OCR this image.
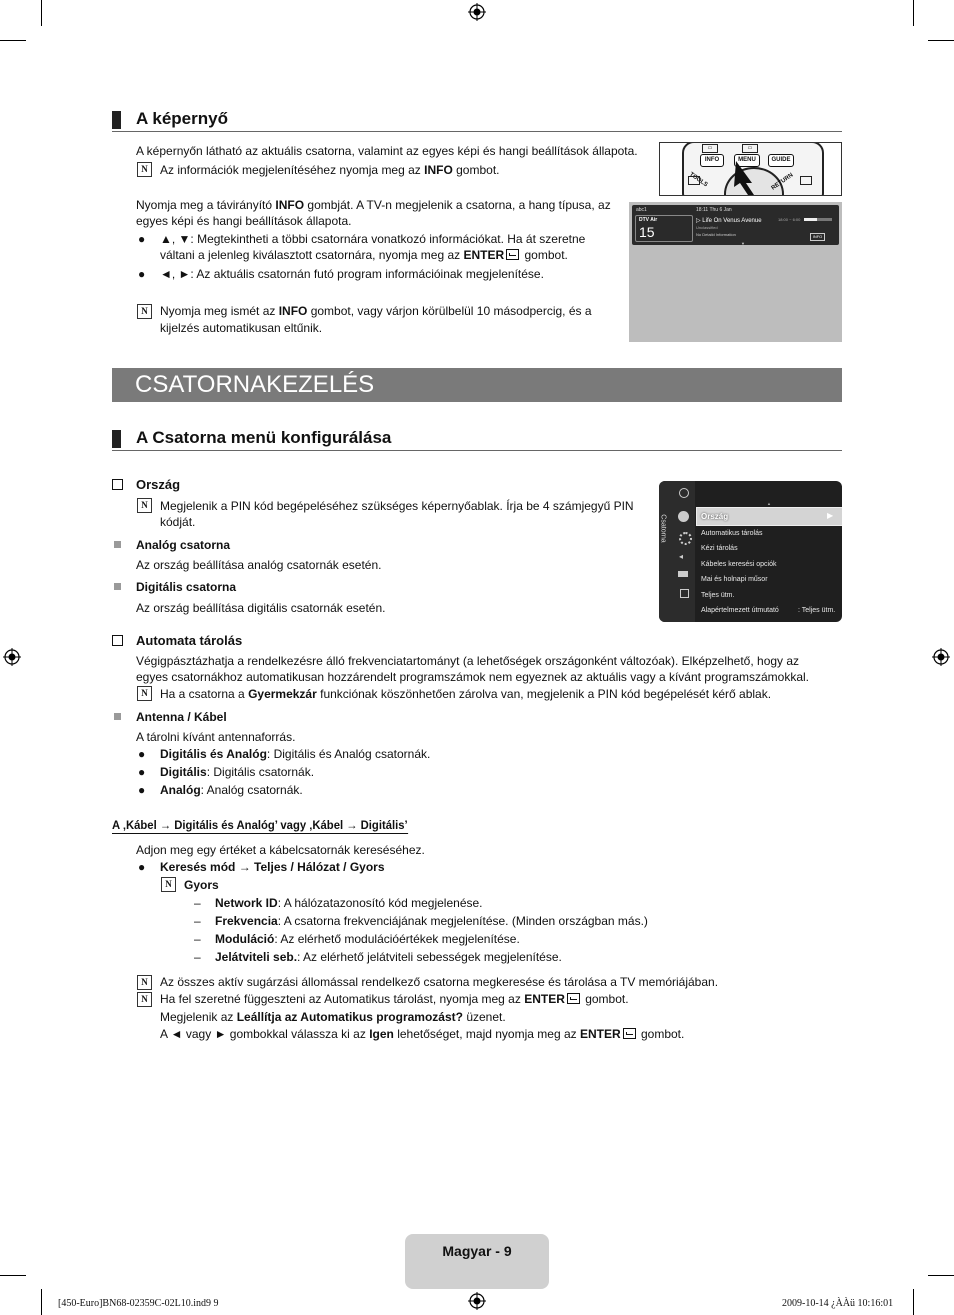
A képernyő
A képernyőn látható az aktuális csatorna, valamint az egyes képi és hangi beállítások állapota.
N	Az információk megjelenítéséhez nyomja meg az INFO gombot.
Nyomja meg a távirányító INFO gombját. A TV-n megjelenik a csatorna, a hang típusa, az
egyes képi és hangi beállítások állapota.
● ▲, ▼: Megtekintheti a többi csatornára vonatkozó információkat. Ha át szeretne
váltani a jelenleg kiválasztott csatornára, nyomja meg az ENTER gombot.
● ◄, ►: Az aktuális csatornán futó program információinak megjelenítése.
N	Nyomja meg ismét az INFO gombot, vagy várjon körülbelül 10 másodpercig, és a
kijelzés automatikusan eltűnik.
▭	▭
INFO	MENU	GUIDE
TOOLS	RETURN
abc1
DTV Air
15
18:11 Thu 6 Jan
▷ Life On Venus Avenue
Unclassified
No Detaild Information
18:00 ~ 6:00
INFO
▼
CSATORNAKEZELÉS
A Csatorna menü konfigurálása
Ország
N	Megjelenik a PIN kód begépeléséhez szükséges képernyőablak. Írja be 4 számjegyű PIN
kódját.
Analóg csatorna
Az ország beállítása analóg csatornák esetén.
Digitális csatorna
Az ország beállítása digitális csatornák esetén.
Csatorna
◂
Ország	▶
▲
Automatikus tárolás
Kézi tárolás
Kábeles keresési opciók
Mai és holnapi műsor
Teljes ütm.
Alapértelmezett útmutató	: Teljes ütm.
Automata tárolás
Végigpásztázhatja a rendelkezésre álló frekvenciatartományt (a lehetőségek országonként változóak). Elképzelhető, hogy az
egyes csatornákhoz automatikusan hozzárendelt programszámok nem egyeznek az aktuális vagy a kívánt programszámokkal.
N	Ha a csatorna a Gyermekzár funkciónak köszönhetően zárolva van, megjelenik a PIN kód begépelését kérő ablak.
Antenna / Kábel
A tárolni kívánt antennaforrás.
● Digitális és Analóg: Digitális és Analóg csatornák.
● Digitális: Digitális csatornák.
● Analóg: Analóg csatornák.
A ‚Kábel → Digitális és Analóg’ vagy ‚Kábel → Digitális’
Adjon meg egy értéket a kábelcsatornák kereséséhez.
● Keresés mód → Teljes / Hálózat / Gyors
N	Gyors
– Network ID: A hálózatazonosító kód megjelenése.
– Frekvencia: A csatorna frekvenciájának megjelenítése. (Minden országban más.)
– Moduláció: Az elérhető modulációértékek megjelenítése.
– Jelátviteli seb.: Az elérhető jelátviteli sebességek megjelenítése.
N	Az összes aktív sugárzási állomással rendelkező csatorna megkeresése és tárolása a TV memóriájában.
N	Ha fel szeretné függeszteni az Automatikus tárolást, nyomja meg az ENTER gombot.
Megjelenik az Leállítja az Automatikus programozást? üzenet.
A ◄ vagy ► gombokkal válassza ki az Igen lehetőséget, majd nyomja meg az ENTER gombot.
Magyar - 9
[450-Euro]BN68-02359C-02L10.ind9 9	2009-10-14 ¿ÀÀü 10:16:01
